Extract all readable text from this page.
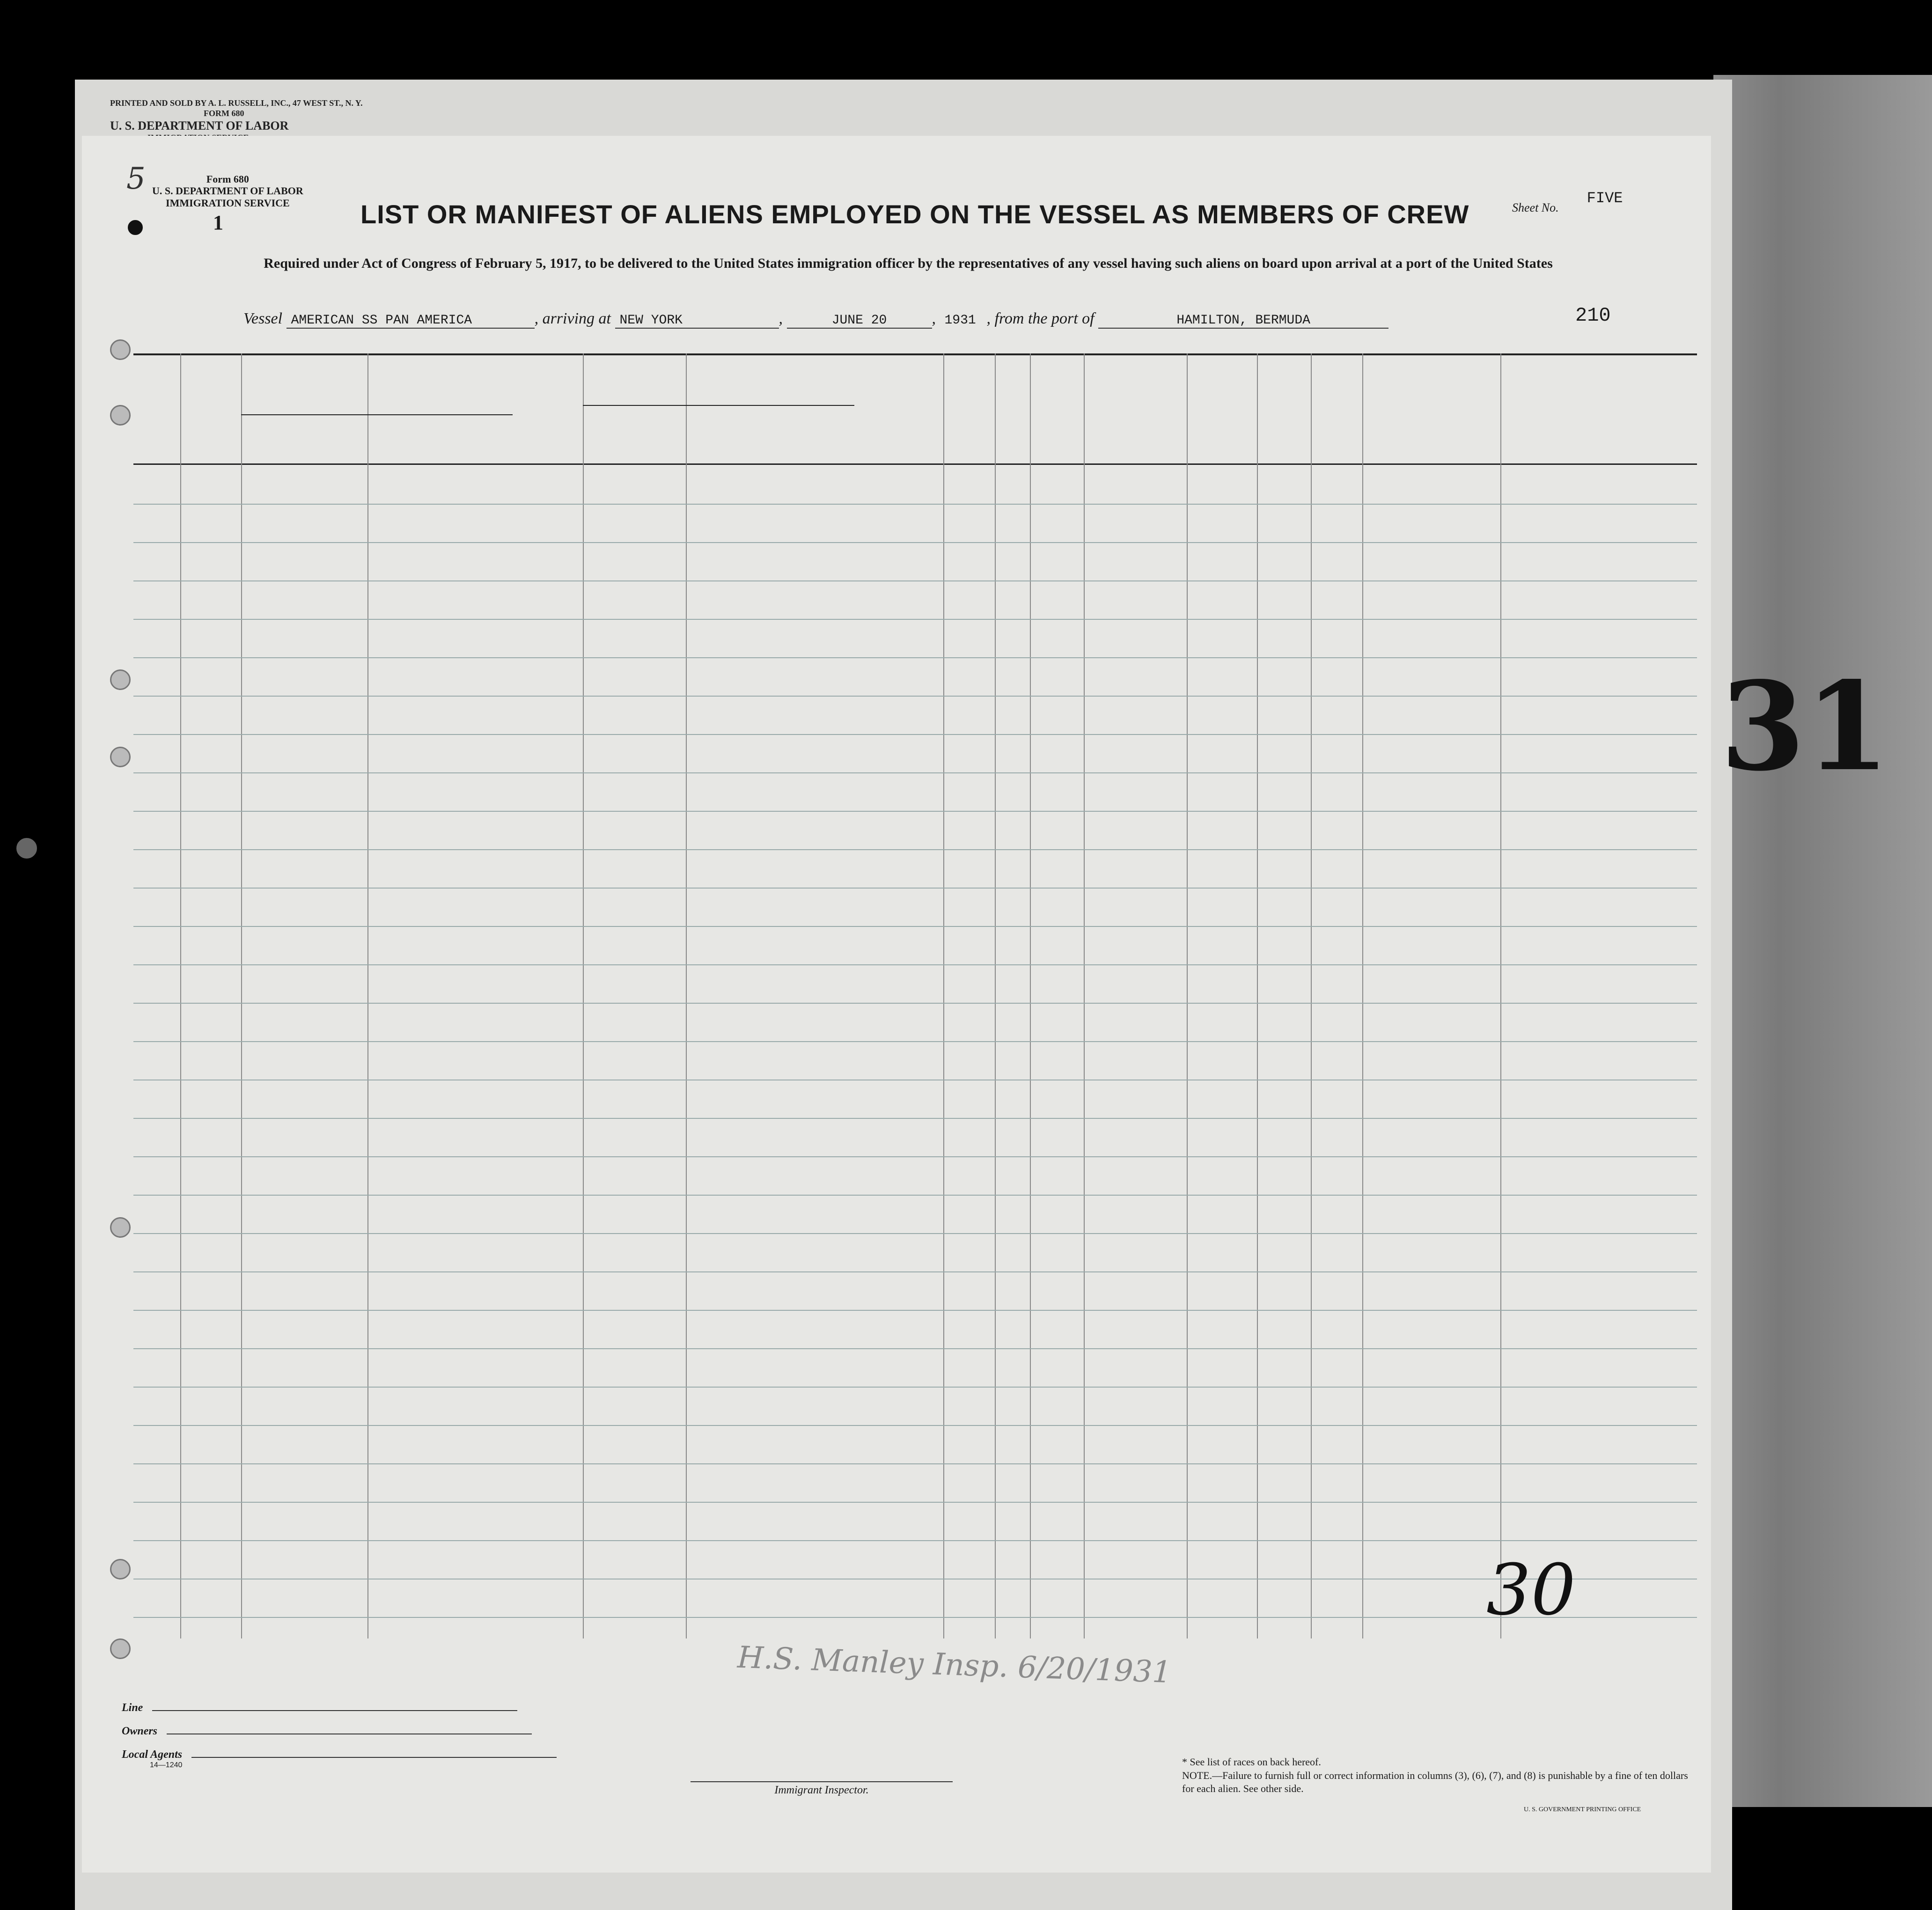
PRINTED AND SOLD BY A. L. RUSSELL, INC., 47 WEST ST., N. Y.
FORM 680
U. S. DEPARTMENT OF LABOR
5	Form 680
U. S. DEPARTMENT OF LABOR
IMMIGRATION SERVICE
1	LIST OR MANIFEST OF ALIENS EMPLOYED ON THE VESSEL AS MEMBERS OF CREW	Sheet No.FIVE
Required under Act of Congress of February 5, 1917, to be delivered to the United States immigration officer by the representatives of any vessel having such aliens on board upon arrival at a port of the United States
Vessel AMERICAN SS PAN AMERICA	, arriving at NEW YORK	,	JUNE 20	, 1931 , from the port of	HAMILTON, BERMUDA	210
30
H.S. Manley Insp. 6/20/1931
31
Line
Owners
Local Agents
14—1240
Immigrant Inspector.
* See list of races on back hereof.
NOTE.—Failure to furnish full or correct information in columns (3), (6), (7), and (8) is punishable by a fine of ten dollars for each alien. See other side.
U. S. GOVERNMENT PRINTING OFFICE
